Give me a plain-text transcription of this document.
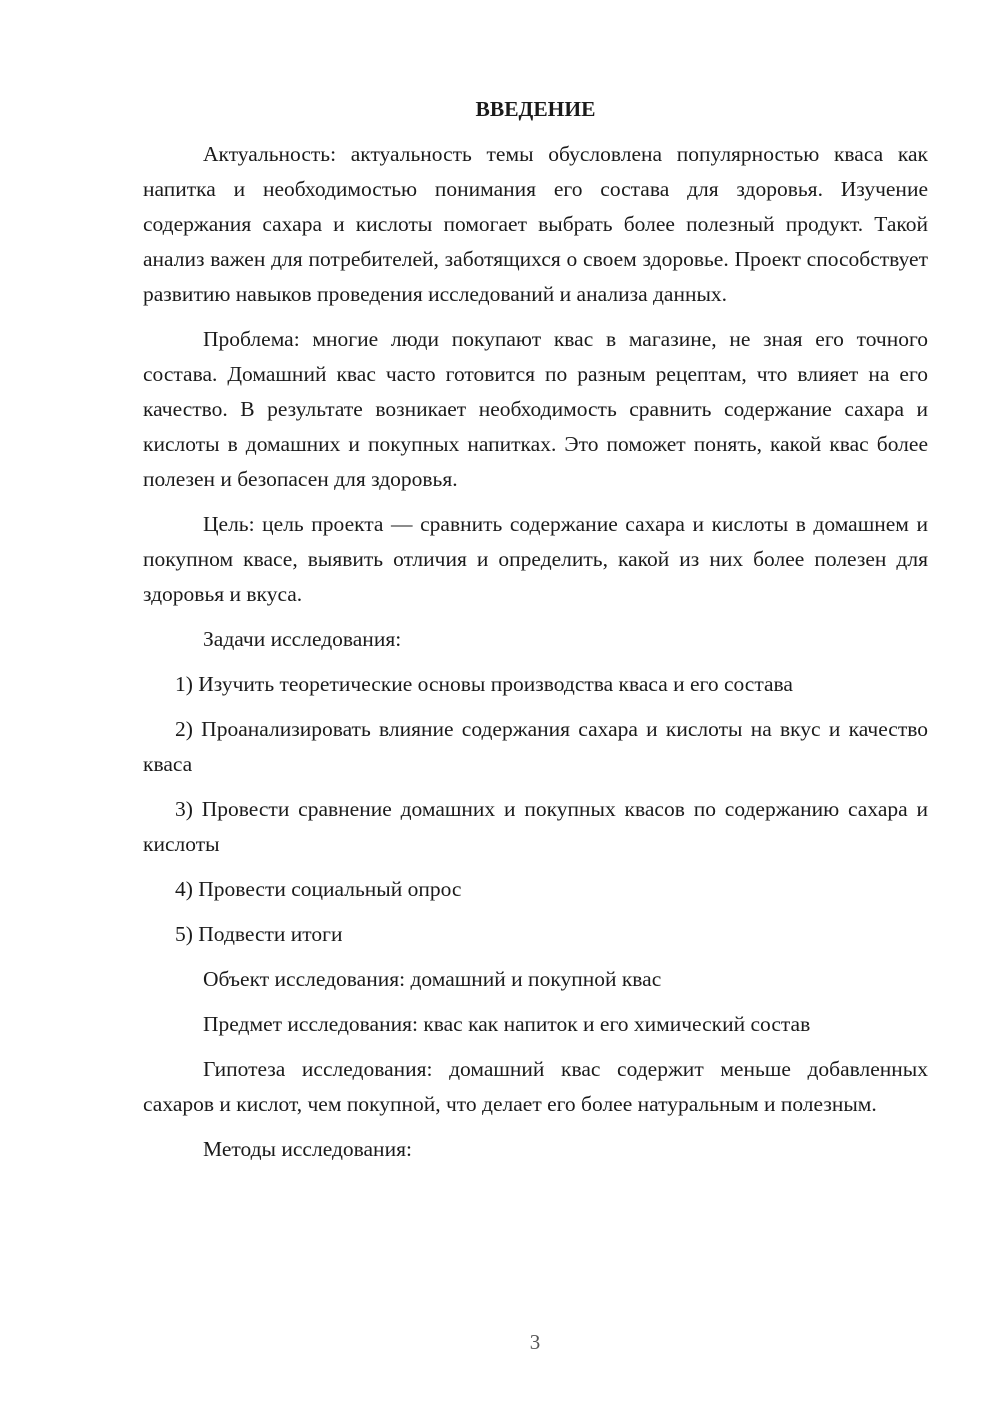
ВВЕДЕНИЕ

Актуальность: актуальность темы обусловлена популярностью кваса как напитка и необходимостью понимания его состава для здоровья. Изучение содержания сахара и кислоты помогает выбрать более полезный продукт. Такой анализ важен для потребителей, заботящихся о своем здоровье. Проект способствует развитию навыков проведения исследований и анализа данных.

Проблема: многие люди покупают квас в магазине, не зная его точного состава. Домашний квас часто готовится по разным рецептам, что влияет на его качество. В результате возникает необходимость сравнить содержание сахара и кислоты в домашних и покупных напитках. Это поможет понять, какой квас более полезен и безопасен для здоровья.

Цель: цель проекта — сравнить содержание сахара и кислоты в домашнем и покупном квасе, выявить отличия и определить, какой из них более полезен для здоровья и вкуса.

Задачи исследования:

1) Изучить теоретические основы производства кваса и его состава

2) Проанализировать влияние содержания сахара и кислоты на вкус и качество кваса

3) Провести сравнение домашних и покупных квасов по содержанию сахара и кислоты

4) Провести социальный опрос

5) Подвести итоги

Объект исследования: домашний и покупной квас

Предмет исследования: квас как напиток и его химический состав

Гипотеза исследования: домашний квас содержит меньше добавленных сахаров и кислот, чем покупной, что делает его более натуральным и полезным.

Методы исследования:

3
